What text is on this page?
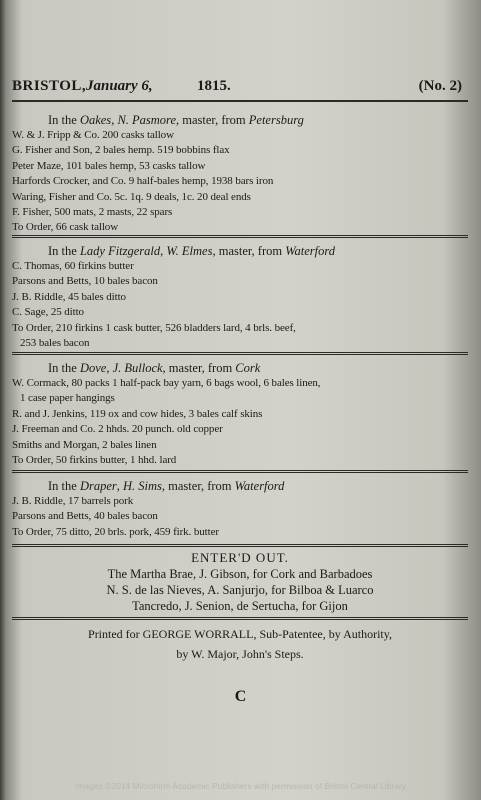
BRISTOL, January 6,	1815.	(No. 2)
In the Oakes, N. Pasmore, master, from Petersburg
W. & J. Fripp & Co. 200 casks tallow
G. Fisher and Son, 2 bales hemp. 519 bobbins flax
Peter Maze, 101 bales hemp, 53 casks tallow
Harfords Crocker, and Co. 9 half-bales hemp, 1938 bars iron
Waring, Fisher and Co. 5c. 1q. 9 deals, 1c. 20 deal ends
F. Fisher, 500 mats, 2 masts, 22 spars
To Order, 66 cask tallow
In the Lady Fitzgerald, W. Elmes, master, from Waterford
C. Thomas, 60 firkins butter
Parsons and Betts, 10 bales bacon
J. B. Riddle, 45 bales ditto
C. Sage, 25 ditto
To Order, 210 firkins 1 cask butter, 526 bladders lard, 4 brls. beef,
253 bales bacon
In the Dove, J. Bullock, master, from Cork
W. Cormack, 80 packs 1 half-pack bay yarn, 6 bags wool, 6 bales linen,
1 case paper hangings
R. and J. Jenkins, 119 ox and cow hides, 3 bales calf skins
J. Freeman and Co. 2 hhds. 20 punch. old copper
Smiths and Morgan, 2 bales linen
To Order, 50 firkins butter, 1 hhd. lard
In the Draper, H. Sims, master, from Waterford
J. B. Riddle, 17 barrels pork
Parsons and Betts, 40 bales bacon
To Order, 75 ditto, 20 brls. pork, 459 firk. butter
ENTER'D OUT.
The Martha Brae, J. Gibson, for Cork and Barbadoes
N. S. de las Nieves, A. Sanjurjo, for Bilboa & Luarco
Tancredo, J. Senion, de Sertucha, for Gijon
Printed for GEORGE WORRALL, Sub-Patentee, by Authority,
by W. Major, John's Steps.
C
Images ©2014 Microform Academic Publishers with permission of Bristol Central Library
